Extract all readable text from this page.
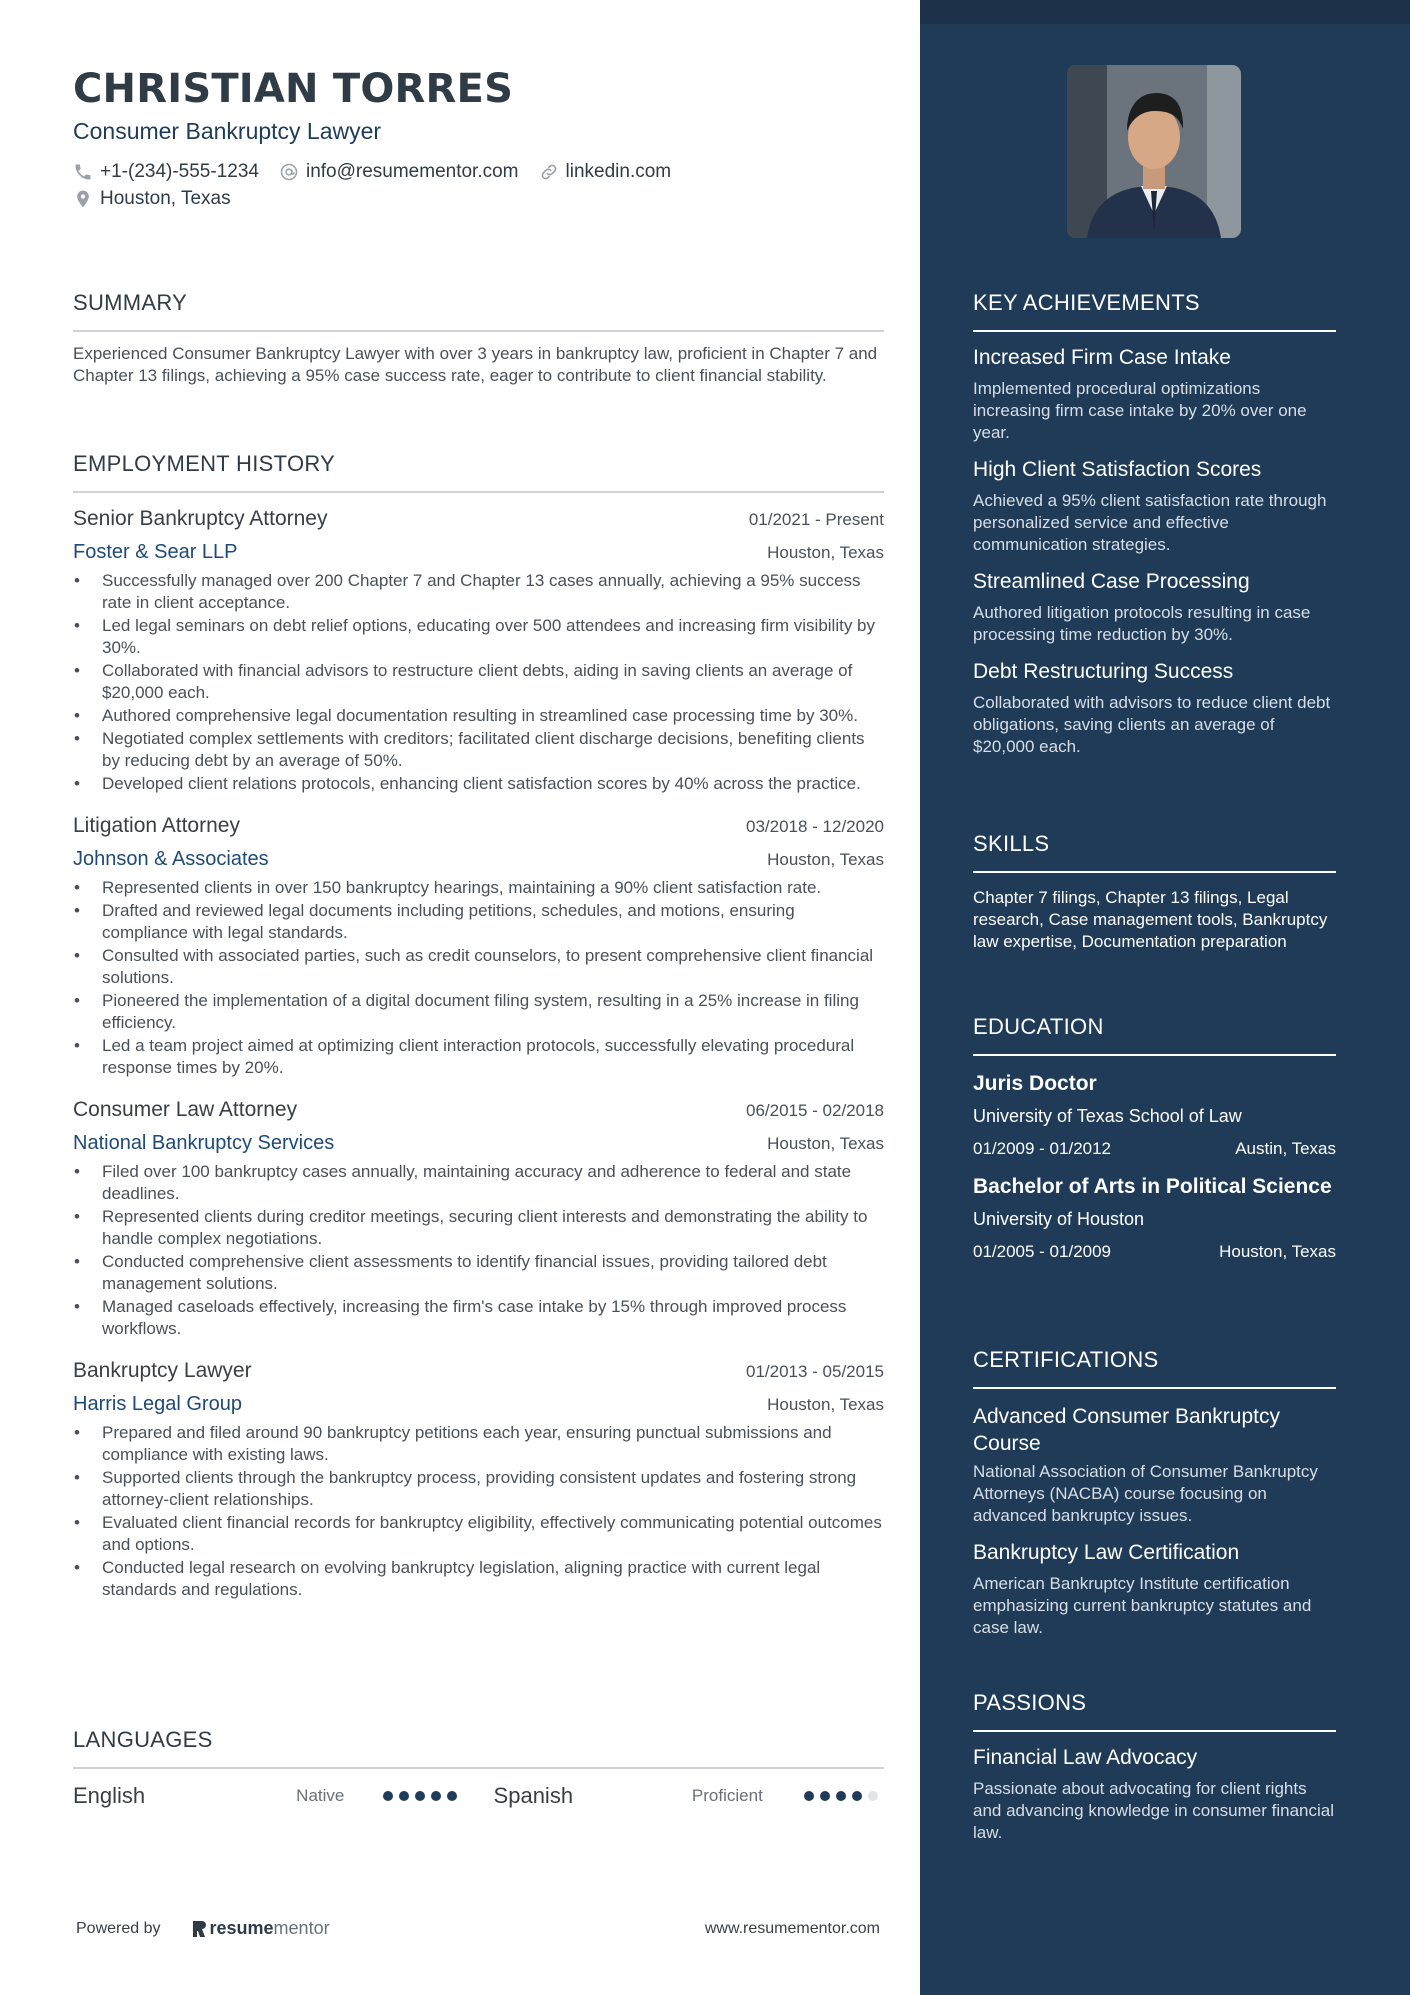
CHRISTIAN TORRES
Consumer Bankruptcy Lawyer
+1-(234)-555-1234 info@resumementor.com linkedin.com
Houston, Texas
SUMMARY
Experienced Consumer Bankruptcy Lawyer with over 3 years in bankruptcy law, proficient in Chapter 7 and Chapter 13 filings, achieving a 95% case success rate, eager to contribute to client financial stability.
EMPLOYMENT HISTORY
Senior Bankruptcy Attorney	01/2021 - Present
Foster & Sear LLP	Houston, Texas
• Successfully managed over 200 Chapter 7 and Chapter 13 cases annually, achieving a 95% success rate in client acceptance.
• Led legal seminars on debt relief options, educating over 500 attendees and increasing firm visibility by 30%.
• Collaborated with financial advisors to restructure client debts, aiding in saving clients an average of $20,000 each.
• Authored comprehensive legal documentation resulting in streamlined case processing time by 30%.
• Negotiated complex settlements with creditors; facilitated client discharge decisions, benefiting clients by reducing debt by an average of 50%.
• Developed client relations protocols, enhancing client satisfaction scores by 40% across the practice.
Litigation Attorney	03/2018 - 12/2020
Johnson & Associates	Houston, Texas
• Represented clients in over 150 bankruptcy hearings, maintaining a 90% client satisfaction rate.
• Drafted and reviewed legal documents including petitions, schedules, and motions, ensuring compliance with legal standards.
• Consulted with associated parties, such as credit counselors, to present comprehensive client financial solutions.
• Pioneered the implementation of a digital document filing system, resulting in a 25% increase in filing efficiency.
• Led a team project aimed at optimizing client interaction protocols, successfully elevating procedural response times by 20%.
Consumer Law Attorney	06/2015 - 02/2018
National Bankruptcy Services	Houston, Texas
• Filed over 100 bankruptcy cases annually, maintaining accuracy and adherence to federal and state deadlines.
• Represented clients during creditor meetings, securing client interests and demonstrating the ability to handle complex negotiations.
• Conducted comprehensive client assessments to identify financial issues, providing tailored debt management solutions.
• Managed caseloads effectively, increasing the firm's case intake by 15% through improved process workflows.
Bankruptcy Lawyer	01/2013 - 05/2015
Harris Legal Group	Houston, Texas
• Prepared and filed around 90 bankruptcy petitions each year, ensuring punctual submissions and compliance with existing laws.
• Supported clients through the bankruptcy process, providing consistent updates and fostering strong attorney-client relationships.
• Evaluated client financial records for bankruptcy eligibility, effectively communicating potential outcomes and options.
• Conducted legal research on evolving bankruptcy legislation, aligning practice with current legal standards and regulations.
LANGUAGES
English	Native	Spanish	Proficient
Powered by	resume mentor	www.resumementor.com
KEY ACHIEVEMENTS
Increased Firm Case Intake
Implemented procedural optimizations increasing firm case intake by 20% over one year.
High Client Satisfaction Scores
Achieved a 95% client satisfaction rate through personalized service and effective communication strategies.
Streamlined Case Processing
Authored litigation protocols resulting in case processing time reduction by 30%.
Debt Restructuring Success
Collaborated with advisors to reduce client debt obligations, saving clients an average of $20,000 each.
SKILLS
Chapter 7 filings, Chapter 13 filings, Legal research, Case management tools, Bankruptcy law expertise, Documentation preparation
EDUCATION
Juris Doctor
University of Texas School of Law
01/2009 - 01/2012	Austin, Texas
Bachelor of Arts in Political Science
University of Houston
01/2005 - 01/2009	Houston, Texas
CERTIFICATIONS
Advanced Consumer Bankruptcy Course
National Association of Consumer Bankruptcy Attorneys (NACBA) course focusing on advanced bankruptcy issues.
Bankruptcy Law Certification
American Bankruptcy Institute certification emphasizing current bankruptcy statutes and case law.
PASSIONS
Financial Law Advocacy
Passionate about advocating for client rights and advancing knowledge in consumer financial law.
